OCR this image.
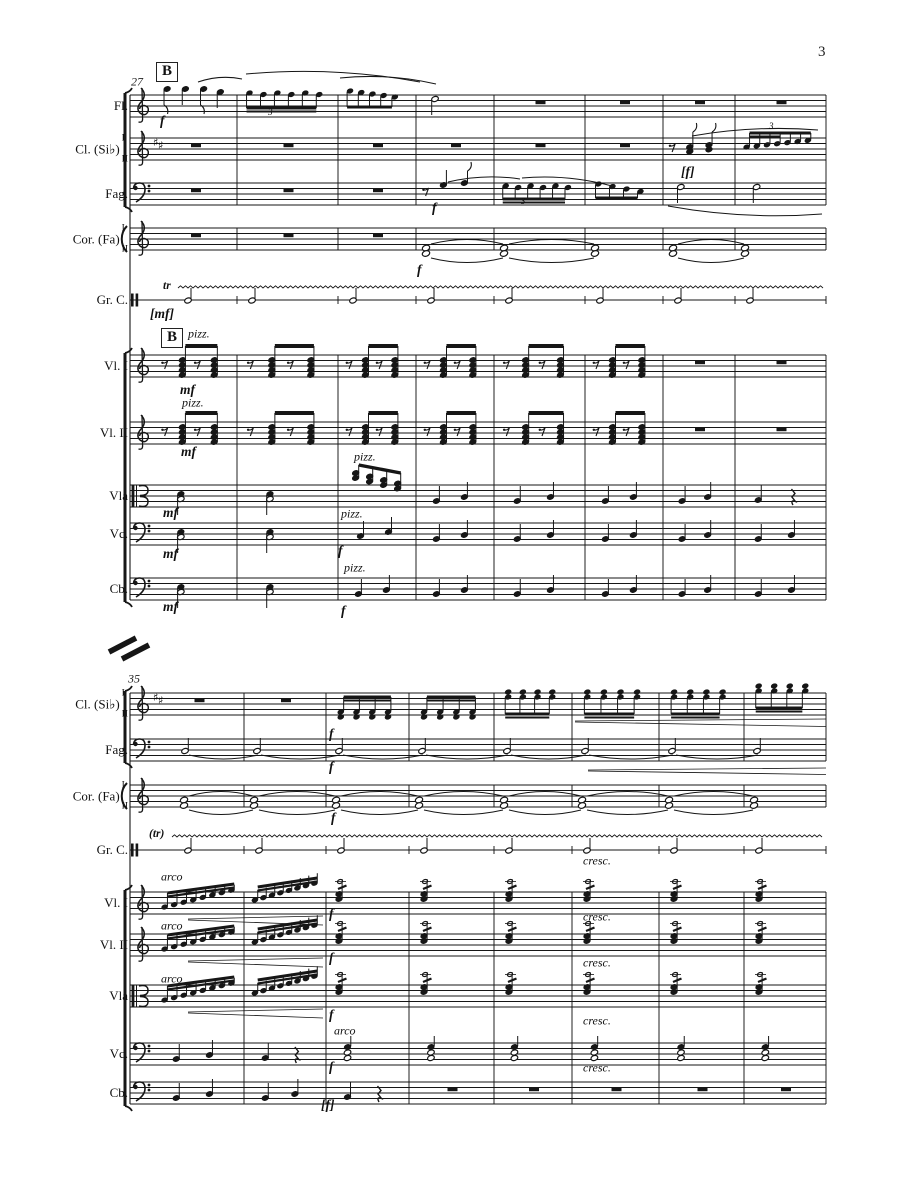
3
♯ ♯
♯ ♯
Fl.
Cl. (Si♭)
I
II
Fag.
Cor. (Fa)
I
II
Gr. C.
Vl. I
Vl. II
Vla
Vc.
Cb.
Cl. (Si♭)
I
II
Fag.
Cor. (Fa)
I
II
Gr. C.
Vl. I
Vl. II
Vla
Vc.
Cb.
27
B
B
f
3
[f]
3
f	3
f
tr
[mf]
pizz.
mf
pizz.
mf
mf
pizz.
mf
pizz.
f
mf
pizz.
f
35
f
f
f
(tr)
cresc.
arco
f	cresc.
arco
f	cresc.
arco
f	cresc.
arco
f	cresc.
[f]
